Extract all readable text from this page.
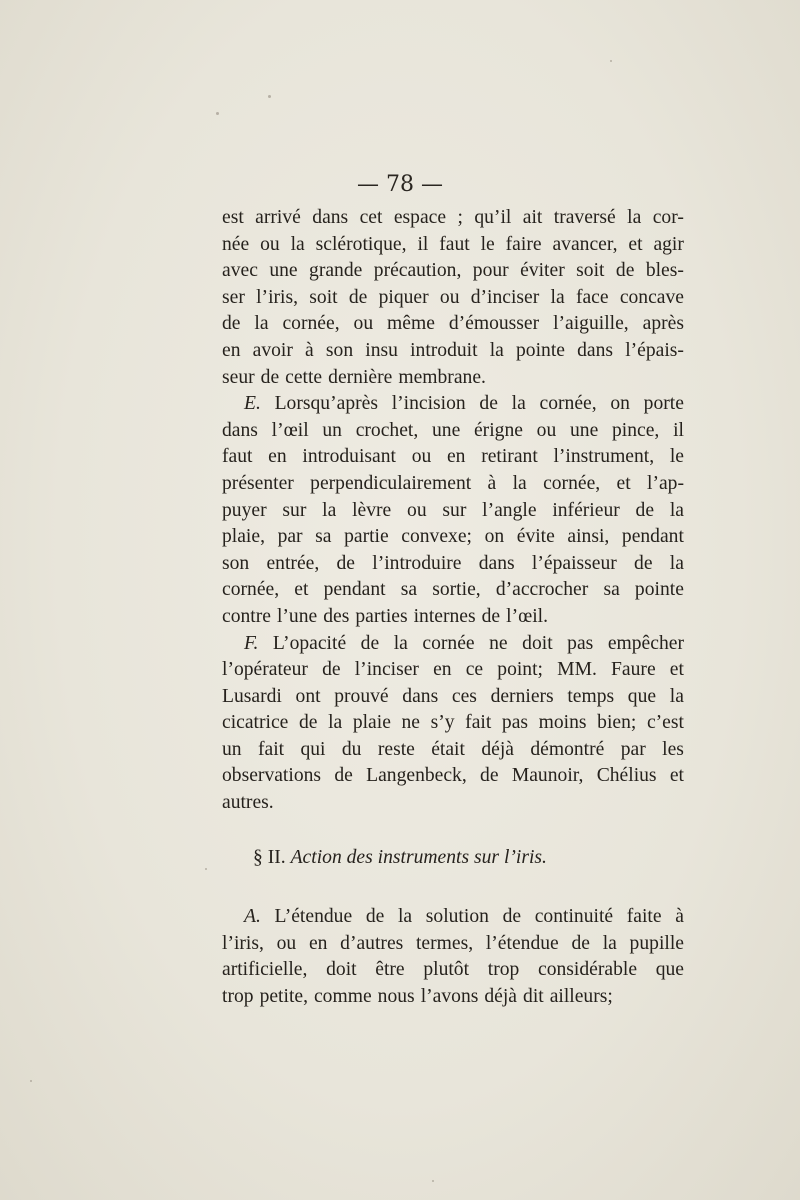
— 78 —
est arrivé dans cet espace ; qu’il ait traversé la cor-
née ou la sclérotique, il faut le faire avancer, et agir
avec une grande précaution, pour éviter soit de bles-
ser l’iris, soit de piquer ou d’inciser la face concave
de la cornée, ou même d’émousser l’aiguille, après
en avoir à son insu introduit la pointe dans l’épais-
seur de cette dernière membrane.
E. Lorsqu’après l’incision de la cornée, on porte
dans l’œil un crochet, une érigne ou une pince, il
faut en introduisant ou en retirant l’instrument, le
présenter perpendiculairement à la cornée, et l’ap-
puyer sur la lèvre ou sur l’angle inférieur de la
plaie, par sa partie convexe; on évite ainsi, pendant
son entrée, de l’introduire dans l’épaisseur de la
cornée, et pendant sa sortie, d’accrocher sa pointe
contre l’une des parties internes de l’œil.
F. L’opacité de la cornée ne doit pas empêcher
l’opérateur de l’inciser en ce point; MM. Faure et
Lusardi ont prouvé dans ces derniers temps que la
cicatrice de la plaie ne s’y fait pas moins bien; c’est
un fait qui du reste était déjà démontré par les
observations de Langenbeck, de Maunoir, Chélius et
autres.
§ II. Action des instruments sur l’iris.
A. L’étendue de la solution de continuité faite à
l’iris, ou en d’autres termes, l’étendue de la pupille
artificielle, doit être plutôt trop considérable que
trop petite, comme nous l’avons déjà dit ailleurs;
